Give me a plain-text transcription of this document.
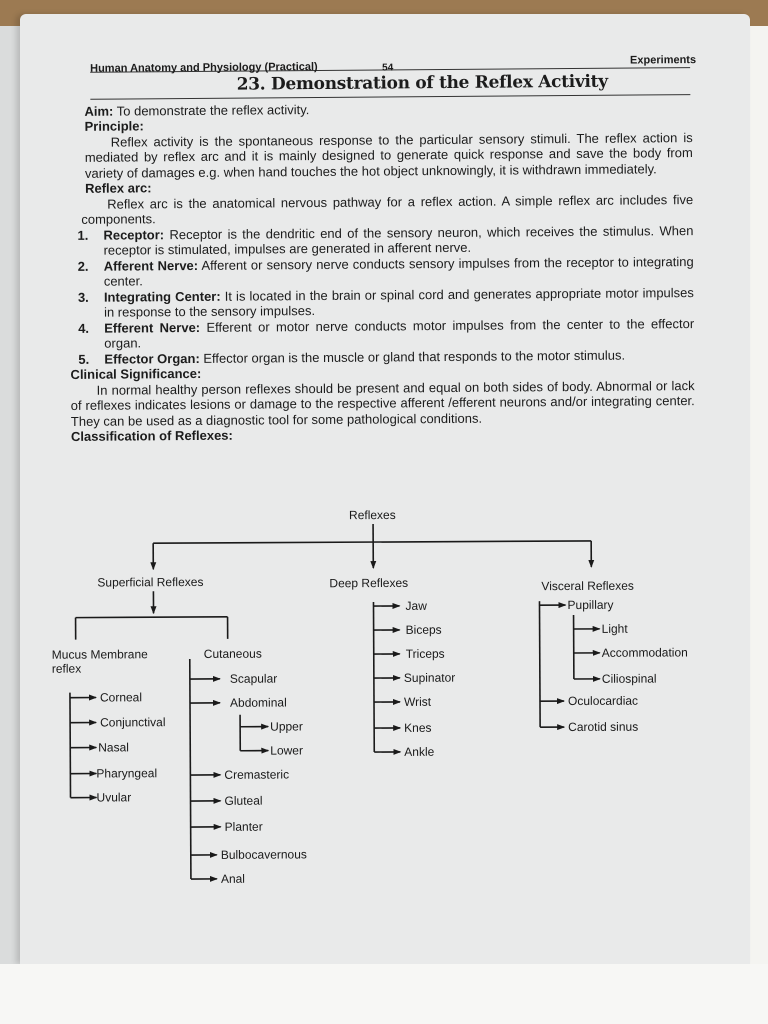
Human Anatomy and Physiology (Practical)	54
Experiments
23. Demonstration of the Reflex Activity
Aim: To demonstrate the reflex activity.
Principle:
Reflex activity is the spontaneous response to the particular sensory stimuli. The reflex action is mediated by reflex arc and it is mainly designed to generate quick response and save the body from variety of damages e.g. when hand touches the hot object unknowingly, it is withdrawn immediately.
Reflex arc:
Reflex arc is the anatomical nervous pathway for a reflex action. A simple reflex arc includes five components.
1. Receptor: Receptor is the dendritic end of the sensory neuron, which receives the stimulus. When receptor is stimulated, impulses are generated in afferent nerve.
2. Afferent Nerve: Afferent or sensory nerve conducts sensory impulses from the receptor to integrating center.
3. Integrating Center: It is located in the brain or spinal cord and generates appropriate motor impulses in response to the sensory impulses.
4. Efferent Nerve: Efferent or motor nerve conducts motor impulses from the center to the effector organ.
5. Effector Organ: Effector organ is the muscle or gland that responds to the motor stimulus.
Clinical Significance:
In normal healthy person reflexes should be present and equal on both sides of body. Abnormal or lack of reflexes indicates lesions or damage to the respective afferent /efferent neurons and/or integrating center. They can be used as a diagnostic tool for some pathological conditions.
Classification of Reflexes:
Reflexes
Superficial Reflexes	Deep Reflexes	Visceral Reflexes
Mucus Membrane reflex
Cutaneous
Corneal
Conjunctival
Nasal
Pharyngeal
Uvular
Scapular
Abdominal
Upper
Lower
Cremasteric
Gluteal
Planter
Bulbocavernous
Anal
Jaw
Biceps
Triceps
Supinator
Wrist
Knes
Ankle
Pupillary
Light
Accommodation
Ciliospinal
Oculocardiac
Carotid sinus
